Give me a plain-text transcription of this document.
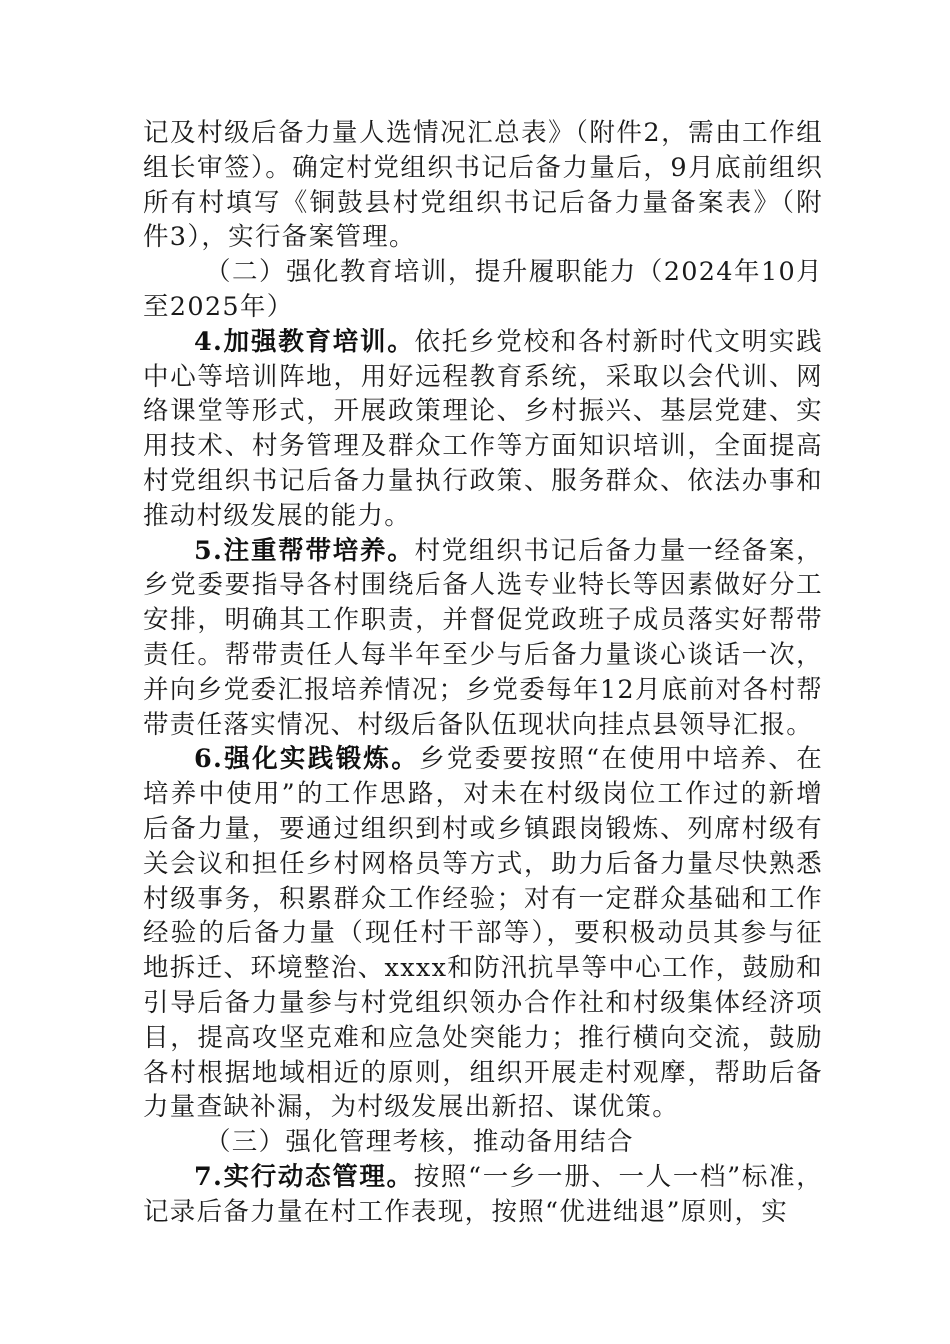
记及村级后备力量人选情况汇总表》（附件2，需由工作组组长审签）。确定村党组织书记后备力量后，9月底前组织所有村填写《铜鼓县村党组织书记后备力量备案表》（附件3），实行备案管理。

（二）强化教育培训，提升履职能力（2024年10月至2025年）

4.加强教育培训。依托乡党校和各村新时代文明实践中心等培训阵地，用好远程教育系统，采取以会代训、网络课堂等形式，开展政策理论、乡村振兴、基层党建、实用技术、村务管理及群众工作等方面知识培训，全面提高村党组织书记后备力量执行政策、服务群众、依法办事和推动村级发展的能力。

5.注重帮带培养。村党组织书记后备力量一经备案，乡党委要指导各村围绕后备人选专业特长等因素做好分工安排，明确其工作职责，并督促党政班子成员落实好帮带责任。帮带责任人每半年至少与后备力量谈心谈话一次，并向乡党委汇报培养情况；乡党委每年12月底前对各村帮带责任落实情况、村级后备队伍现状向挂点县领导汇报。

6.强化实践锻炼。乡党委要按照“在使用中培养、在培养中使用”的工作思路，对未在村级岗位工作过的新增后备力量，要通过组织到村或乡镇跟岗锻炼、列席村级有关会议和担任乡村网格员等方式，助力后备力量尽快熟悉村级事务，积累群众工作经验；对有一定群众基础和工作经验的后备力量（现任村干部等），要积极动员其参与征地拆迁、环境整治、xxxx和防汛抗旱等中心工作，鼓励和引导后备力量参与村党组织领办合作社和村级集体经济项目，提高攻坚克难和应急处突能力；推行横向交流，鼓励各村根据地域相近的原则，组织开展走村观摩，帮助后备力量查缺补漏，为村级发展出新招、谋优策。

（三）强化管理考核，推动备用结合

7.实行动态管理。按照“一乡一册、一人一档”标准，记录后备力量在村工作表现，按照“优进绌退”原则，实
